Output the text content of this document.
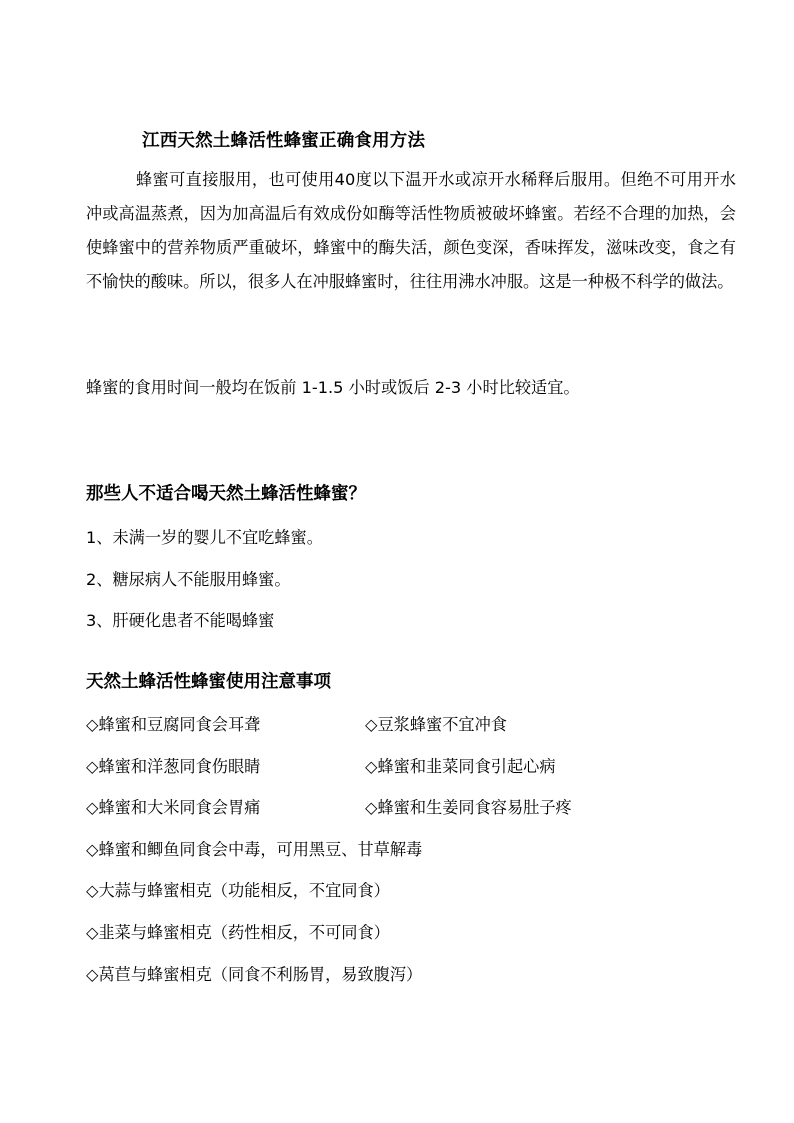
江西天然土蜂活性蜂蜜正确食用方法

蜂蜜可直接服用，也可使用40度以下温开水或凉开水稀释后服用。但绝不可用开水冲或高温蒸煮，因为加高温后有效成份如酶等活性物质被破坏蜂蜜。若经不合理的加热，会使蜂蜜中的营养物质严重破坏，蜂蜜中的酶失活，颜色变深，香味挥发，滋味改变，食之有不愉快的酸味。所以，很多人在冲服蜂蜜时，往往用沸水冲服。这是一种极不科学的做法。

蜂蜜的食用时间一般均在饭前 1-1.5 小时或饭后 2-3 小时比较适宜。
那些人不适合喝天然土蜂活性蜂蜜？
1、未满一岁的婴儿不宜吃蜂蜜。
2、糖尿病人不能服用蜂蜜。
3、肝硬化患者不能喝蜂蜜
天然土蜂活性蜂蜜使用注意事项
◇蜂蜜和豆腐同食会耳聋	◇豆浆蜂蜜不宜冲食
◇蜂蜜和洋葱同食伤眼睛	◇蜂蜜和韭菜同食引起心病
◇蜂蜜和大米同食会胃痛	◇蜂蜜和生姜同食容易肚子疼
◇蜂蜜和鲫鱼同食会中毒，可用黑豆、甘草解毒
◇大蒜与蜂蜜相克（功能相反，不宜同食）
◇韭菜与蜂蜜相克（药性相反，不可同食）
◇莴苣与蜂蜜相克（同食不利肠胃，易致腹泻）
